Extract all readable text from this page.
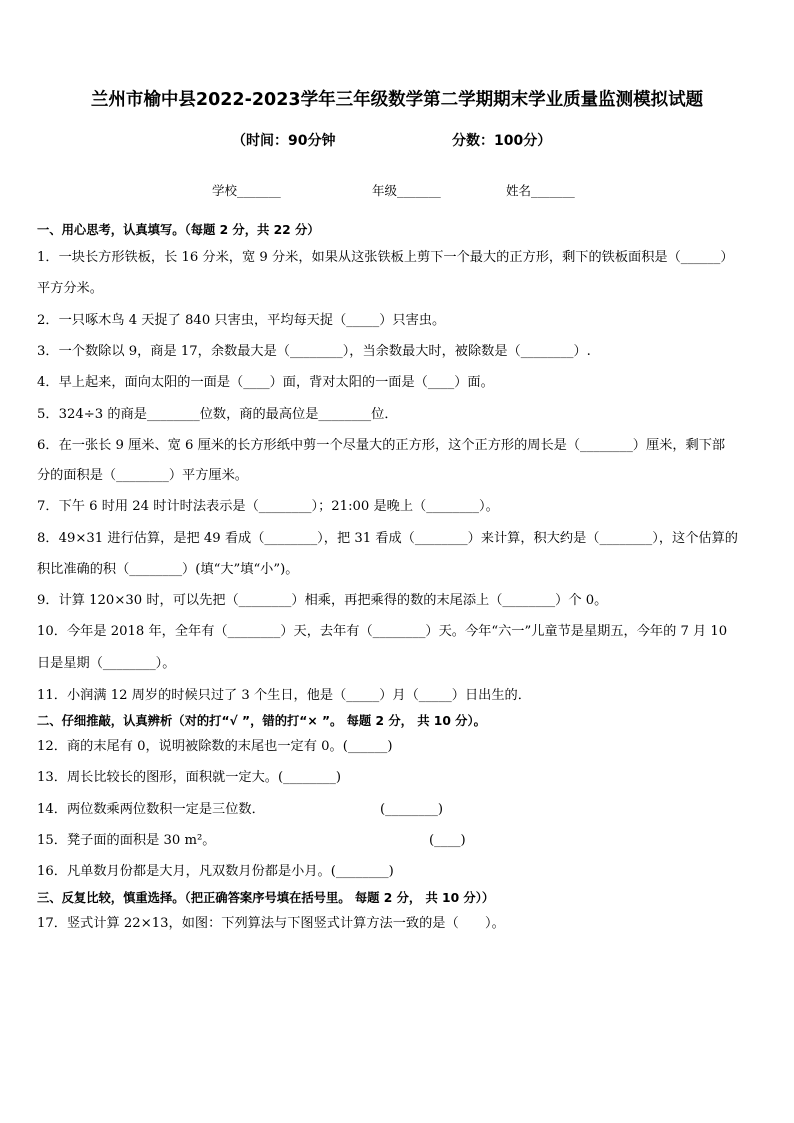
兰州市榆中县2022-2023学年三年级数学第二学期期末学业质量监测模拟试题
（时间：90分钟	分数：100分）
学校_______	年级_______	姓名_______
一、用心思考，认真填写。（每题 2 分，共 22 分）
1．一块长方形铁板，长 16 分米，宽 9 分米，如果从这张铁板上剪下一个最大的正方形，剩下的铁板面积是（______）
平方分米。
2．一只啄木鸟 4 天捉了 840 只害虫，平均每天捉（_____）只害虫。
3．一个数除以 9，商是 17，余数最大是（________），当余数最大时，被除数是（________）.
4．早上起来，面向太阳的一面是（____）面，背对太阳的一面是（____）面。
5．324÷3 的商是________位数，商的最高位是________位．
6．在一张长 9 厘米、宽 6 厘米的长方形纸中剪一个尽量大的正方形，这个正方形的周长是（________）厘米，剩下部
分的面积是（________）平方厘米。
7．下午 6 时用 24 时计时法表示是（________）；21:00 是晚上（________）。
8．49×31 进行估算，是把 49 看成（________），把 31 看成（________）来计算，积大约是（________），这个估算的
积比准确的积（________）(填“大”填“小”)。
9．计算 120×30 时，可以先把（________）相乘，再把乘得的数的末尾添上（________）个 0。
10．今年是 2018 年，全年有（________）天，去年有（________）天。今年“六一”儿童节是星期五，今年的 7 月 10
日是星期（________）。
11．小润满 12 周岁的时候只过了 3 个生日，他是（_____）月（_____）日出生的．
二、仔细推敲，认真辨析（对的打“√ ”，错的打“× ”。 每题 2 分， 共 10 分）。
12．商的末尾有 0，说明被除数的末尾也一定有 0。(______)
13．周长比较长的图形，面积就一定大。(________)
14．两位数乘两位数积一定是三位数．	(________)
15．凳子面的面积是 30 m²。	(____)
16．凡单数月份都是大月，凡双数月份都是小月。(________)
三、反复比较，慎重选择。（把正确答案序号填在括号里。 每题 2 分， 共 10 分））
17．竖式计算 22×13，如图：下列算法与下图竖式计算方法一致的是（　　）。
